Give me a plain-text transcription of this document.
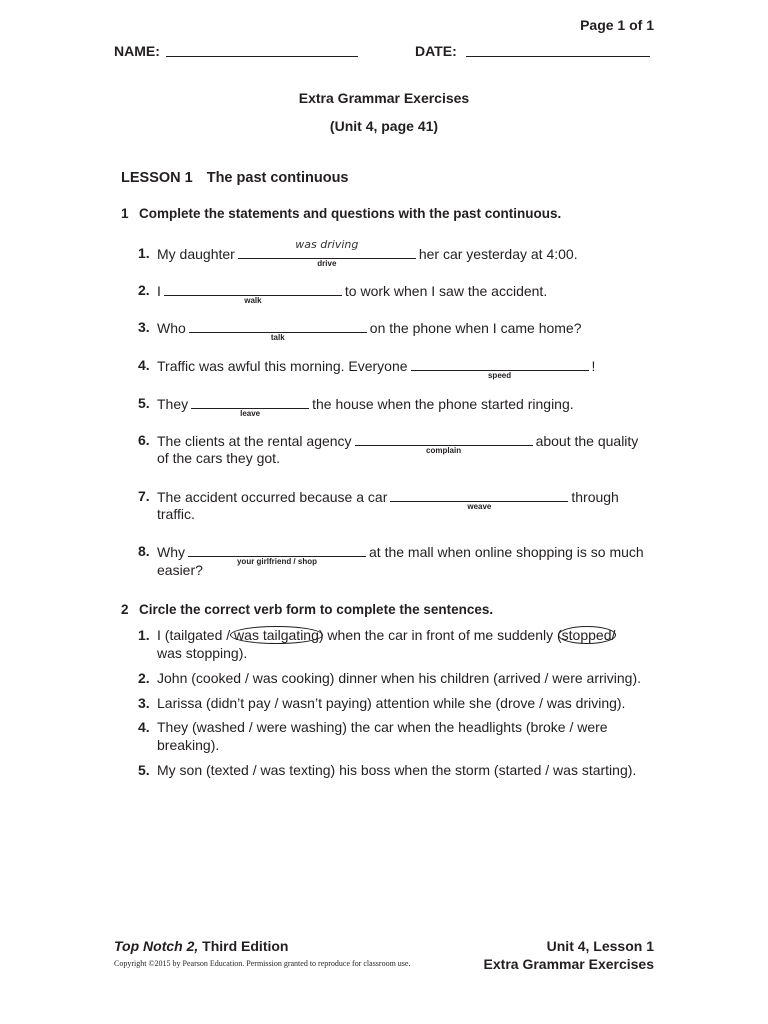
Page 1 of 1
NAME:	DATE:
Extra Grammar Exercises
(Unit 4, page 41)
LESSON 1 The past continuous
1 Complete the statements and questions with the past continuous.
1. My daughter
was driving
drive
her car yesterday at 4:00.
2. I
walk
to work when I saw the accident.
3. Who
talk
on the phone when I came home?
4. Traffic was awful this morning. Everyone
speed
!
5. They
leave
the house when the phone started ringing.
6. The clients at the rental agency
complain
about the quality
of the cars they got.
7. The accident occurred because a car
weave
through
traffic.
8. Why
your girlfriend / shop
at the mall when online shopping is so much
easier?
2 Circle the correct verb form to complete the sentences.
1. I (tailgated / was tailgating) when the car in front of me suddenly (stopped/
was stopping).
2. John (cooked / was cooking) dinner when his children (arrived / were arriving).
3. Larissa (didn’t pay / wasn’t paying) attention while she (drove / was driving).
4. They (washed / were washing) the car when the headlights (broke / were
breaking).
5. My son (texted / was texting) his boss when the storm (started / was starting).
Top Notch 2, Third Edition
Copyright ©2015 by Pearson Education. Permission granted to reproduce for classroom use.
Unit 4, Lesson 1
Extra Grammar Exercises
